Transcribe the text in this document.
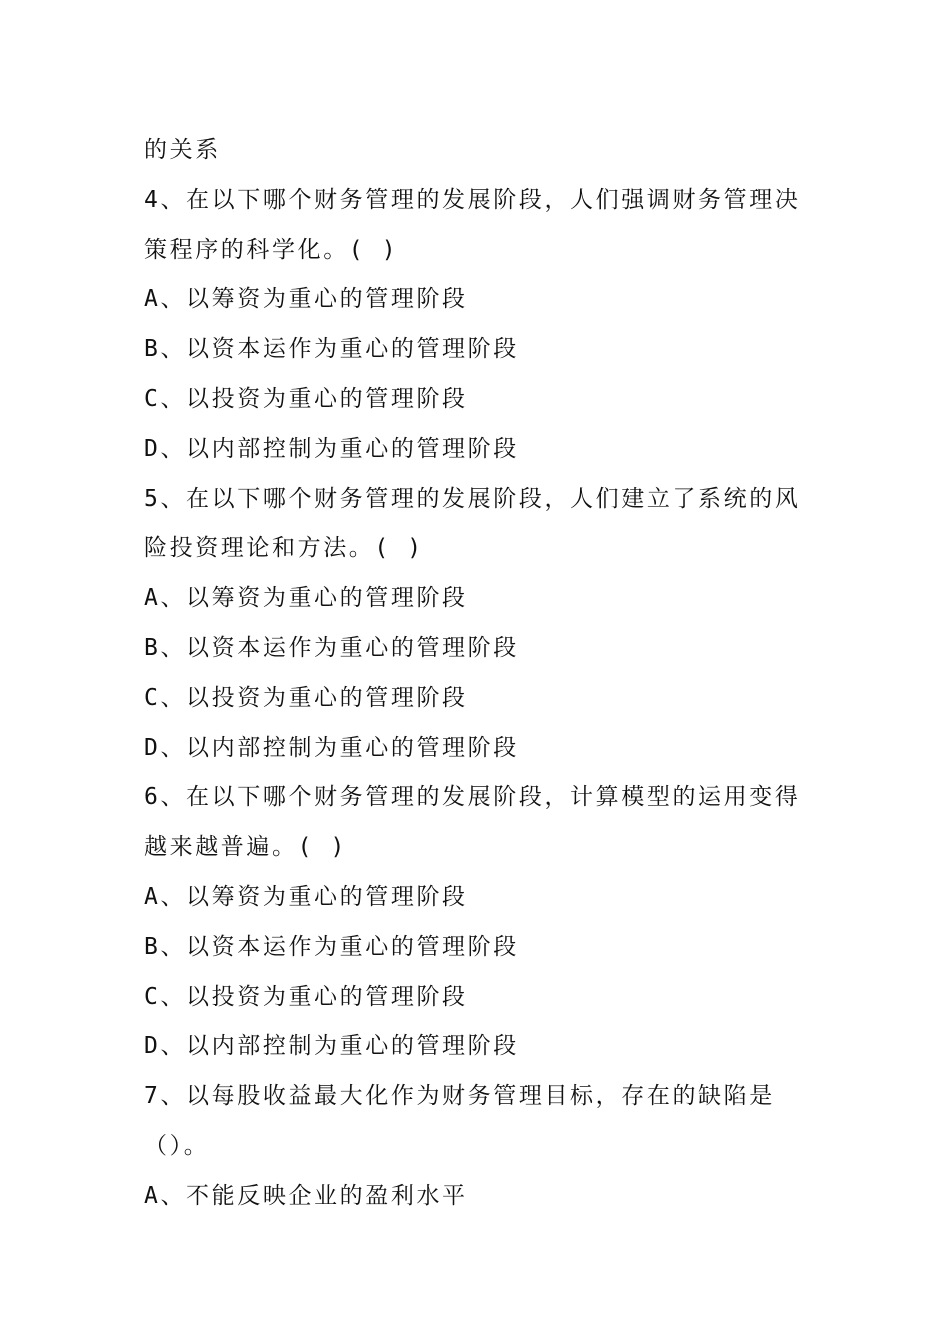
的关系
4、在以下哪个财务管理的发展阶段，人们强调财务管理决
策程序的科学化。( )
A、以筹资为重心的管理阶段
B、以资本运作为重心的管理阶段
C、以投资为重心的管理阶段
D、以内部控制为重心的管理阶段
5、在以下哪个财务管理的发展阶段，人们建立了系统的风
险投资理论和方法。( )
A、以筹资为重心的管理阶段
B、以资本运作为重心的管理阶段
C、以投资为重心的管理阶段
D、以内部控制为重心的管理阶段
6、在以下哪个财务管理的发展阶段，计算模型的运用变得
越来越普遍。( )
A、以筹资为重心的管理阶段
B、以资本运作为重心的管理阶段
C、以投资为重心的管理阶段
D、以内部控制为重心的管理阶段
7、以每股收益最大化作为财务管理目标，存在的缺陷是
（）。
A、不能反映企业的盈利水平
